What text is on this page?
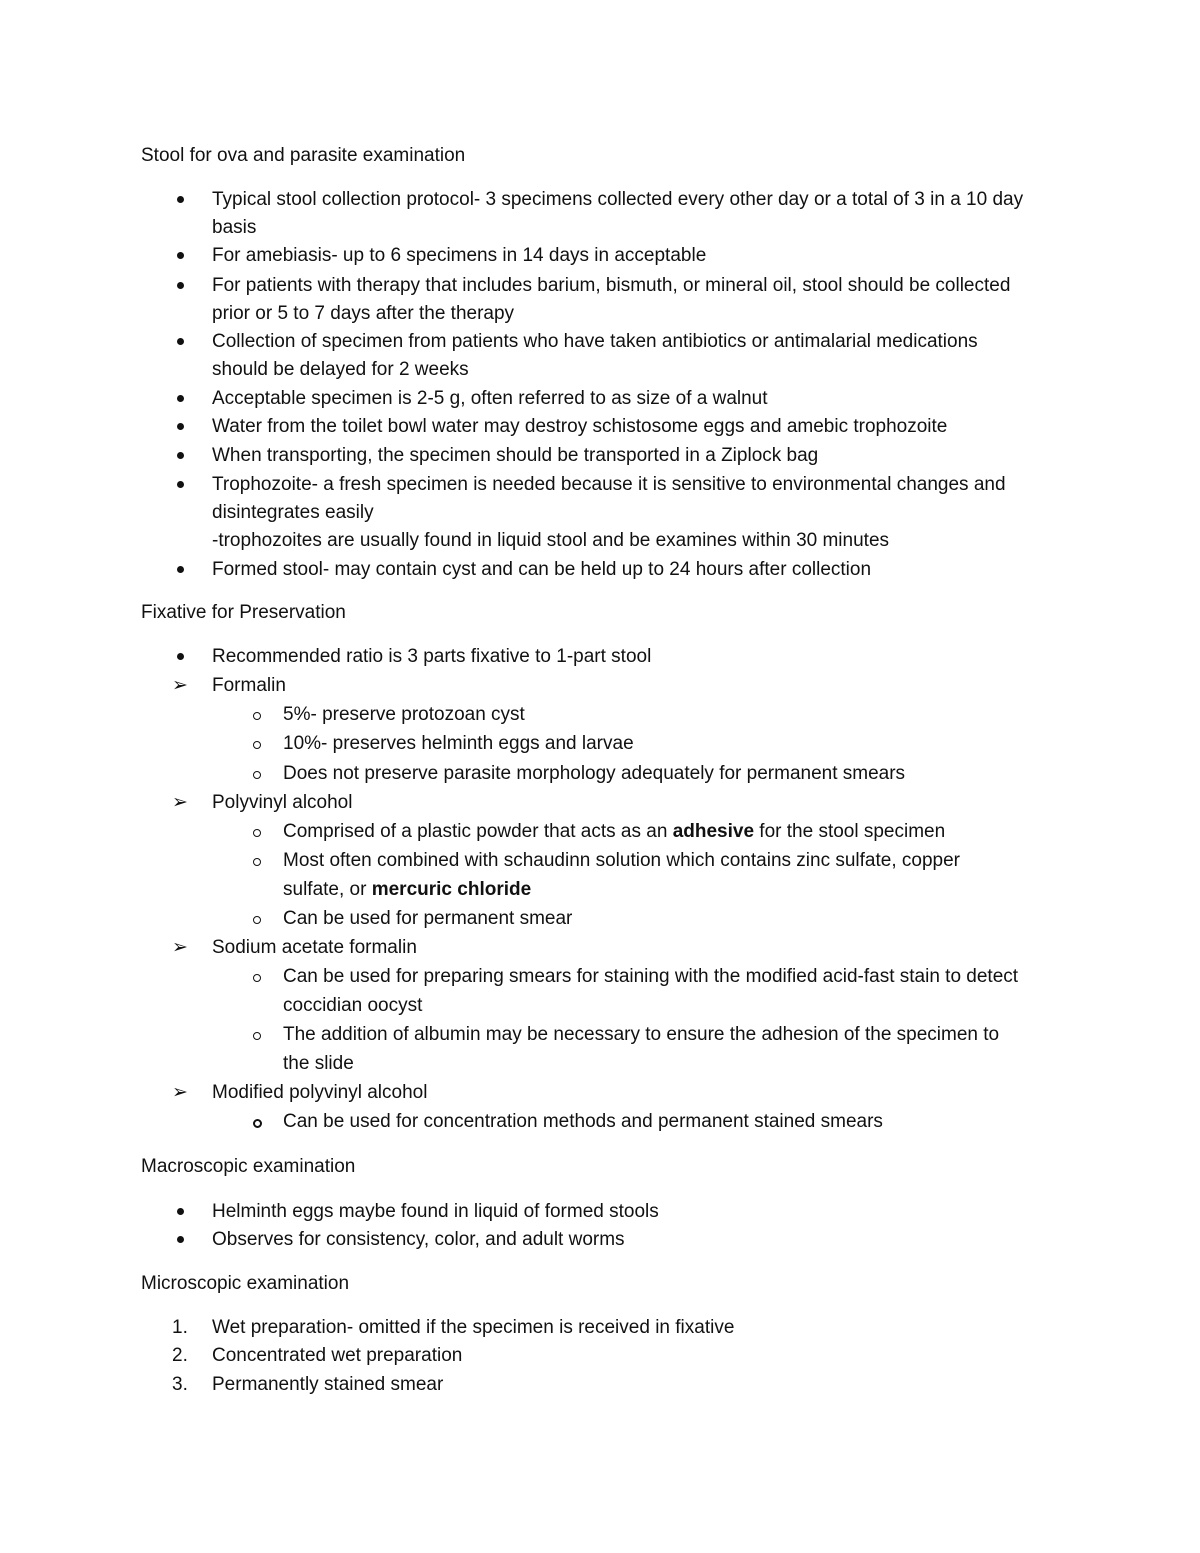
Stool for ova and parasite examination
Typical stool collection protocol- 3 specimens collected every other day or a total of 3 in a 10 day
basis
For amebiasis- up to 6 specimens in 14 days in acceptable
For patients with therapy that includes barium, bismuth, or mineral oil, stool should be collected
prior or 5 to 7 days after the therapy
Collection of specimen from patients who have taken antibiotics or antimalarial medications
should be delayed for 2 weeks
Acceptable specimen is 2-5 g, often referred to as size of a walnut
Water from the toilet bowl water may destroy schistosome eggs and amebic trophozoite
When transporting, the specimen should be transported in a Ziplock bag
Trophozoite- a fresh specimen is needed because it is sensitive to environmental changes and
disintegrates easily
-trophozoites are usually found in liquid stool and be examines within 30 minutes
Formed stool- may contain cyst and can be held up to 24 hours after collection
Fixative for Preservation
Recommended ratio is 3 parts fixative to 1-part stool
➢	Formalin
5%- preserve protozoan cyst
10%- preserves helminth eggs and larvae
Does not preserve parasite morphology adequately for permanent smears
➢	Polyvinyl alcohol
Comprised of a plastic powder that acts as an adhesive for the stool specimen
Most often combined with schaudinn solution which contains zinc sulfate, copper
sulfate, or mercuric chloride
Can be used for permanent smear
➢	Sodium acetate formalin
Can be used for preparing smears for staining with the modified acid-fast stain to detect
coccidian oocyst
The addition of albumin may be necessary to ensure the adhesion of the specimen to
the slide
➢	Modified polyvinyl alcohol
Can be used for concentration methods and permanent stained smears
Macroscopic examination
Helminth eggs maybe found in liquid of formed stools
Observes for consistency, color, and adult worms
Microscopic examination
1.	Wet preparation- omitted if the specimen is received in fixative
2.	Concentrated wet preparation
3.	Permanently stained smear
